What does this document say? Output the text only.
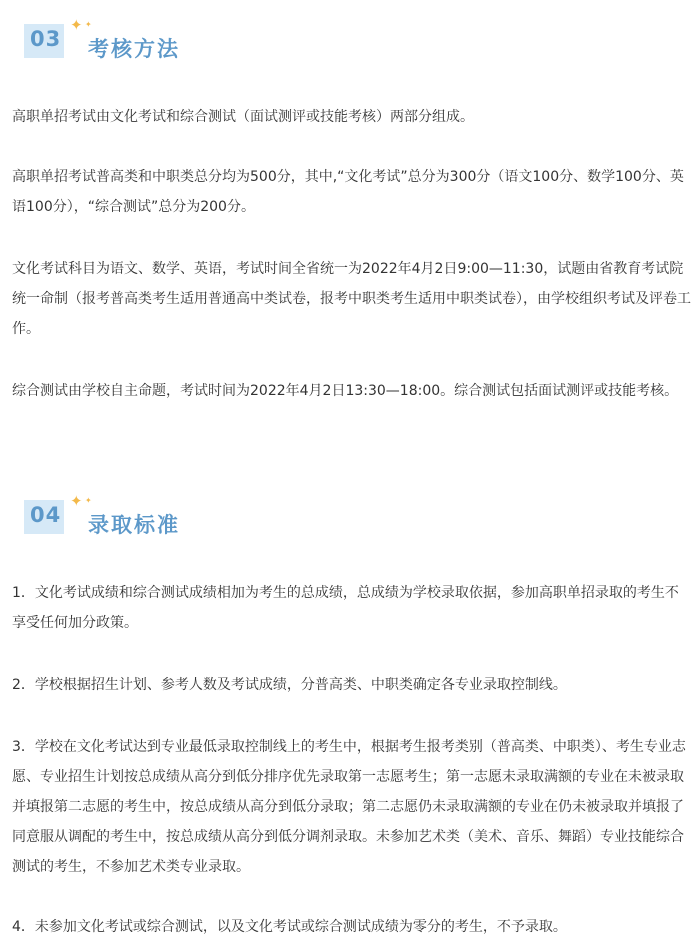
03
✦ ✦
考核方法

高职单招考试由文化考试和综合测试（面试测评或技能考核）两部分组成。

高职单招考试普高类和中职类总分均为500分，其中,“文化考试”总分为300分（语文100分、数学100分、英语100分），“综合测试”总分为200分。

文化考试科目为语文、数学、英语，考试时间全省统一为2022年4月2日9:00—11:30，试题由省教育考试院统一命制（报考普高类考生适用普通高中类试卷，报考中职类考生适用中职类试卷），由学校组织考试及评卷工作。

综合测试由学校自主命题，考试时间为2022年4月2日13:30—18:00。综合测试包括面试测评或技能考核。

04
✦ ✦
录取标准

1．文化考试成绩和综合测试成绩相加为考生的总成绩，总成绩为学校录取依据，参加高职单招录取的考生不享受任何加分政策。

2．学校根据招生计划、参考人数及考试成绩，分普高类、中职类确定各专业录取控制线。

3．学校在文化考试达到专业最低录取控制线上的考生中，根据考生报考类别（普高类、中职类）、考生专业志愿、专业招生计划按总成绩从高分到低分排序优先录取第一志愿考生；第一志愿未录取满额的专业在未被录取并填报第二志愿的考生中，按总成绩从高分到低分录取；第二志愿仍未录取满额的专业在仍未被录取并填报了同意服从调配的考生中，按总成绩从高分到低分调剂录取。未参加艺术类（美术、音乐、舞蹈）专业技能综合测试的考生，不参加艺术类专业录取。

4．未参加文化考试或综合测试，以及文化考试或综合测试成绩为零分的考生，不予录取。
